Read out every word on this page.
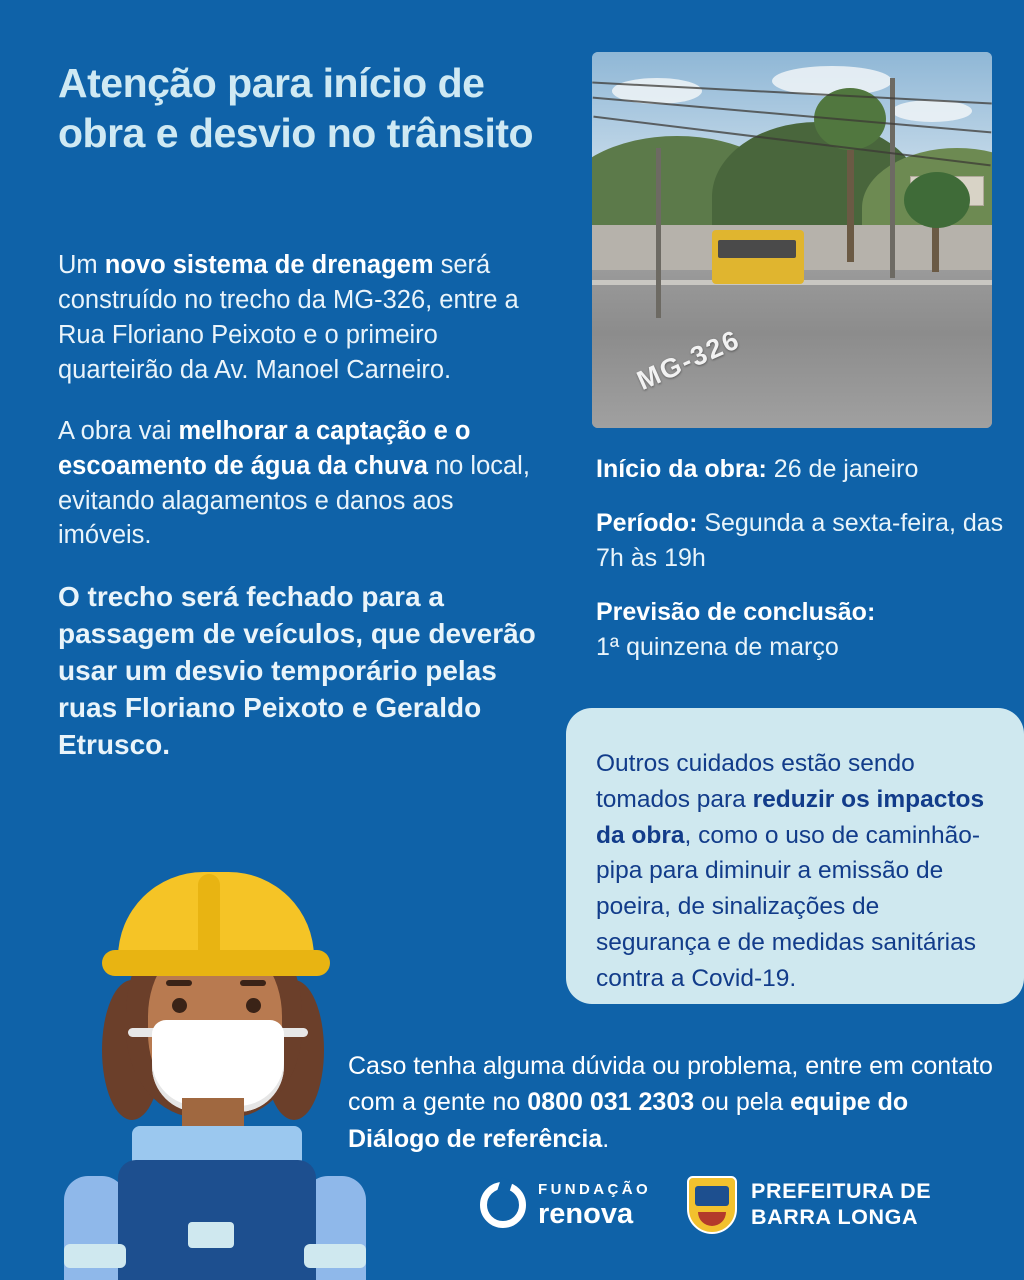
Atenção para início de obra e desvio no trânsito

Um novo sistema de drenagem será construído no trecho da MG-326, entre a Rua Floriano Peixoto e o primeiro quarteirão da Av. Manoel Carneiro.

A obra vai melhorar a captação e o escoamento de água da chuva no local, evitando alagamentos e danos aos imóveis.

O trecho será fechado para a passagem de veículos, que deverão usar um desvio temporário pelas ruas Floriano Peixoto e Geraldo Etrusco.
MG-326
Início da obra: 26 de janeiro
Período: Segunda a sexta-feira, das 7h às 19h
Previsão de conclusão:
1ª quinzena de março
Outros cuidados estão sendo tomados para reduzir os impactos da obra, como o uso de caminhão-pipa para diminuir a emissão de poeira, de sinalizações de segurança e de medidas sanitárias contra a Covid-19.
Caso tenha alguma dúvida ou problema, entre em contato com a gente no 0800 031 2303 ou pela equipe do Diálogo de referência.
FUNDAÇÃO
renova
PREFEITURA DE
BARRA LONGA
